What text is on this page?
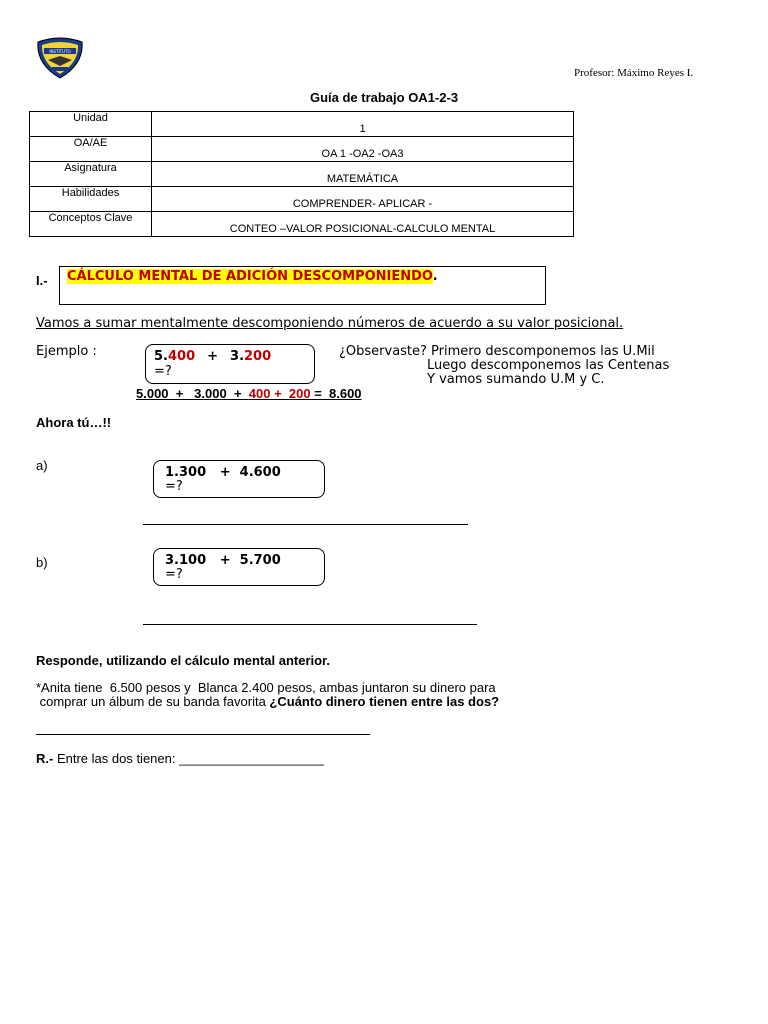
INSTITUTO
Profesor: Máximo Reyes I.
Guía de trabajo OA1-2-3
Unidad	1
OA/AE	OA 1 -OA2 -OA3
Asignatura	MATEMÁTICA
Habilidades	COMPRENDER- APLICAR -
Conceptos Clave	CONTEO –VALOR POSICIONAL-CALCULO MENTAL
I.- CÁLCULO MENTAL DE ADICIÓN DESCOMPONIENDO.
Vamos a sumar mentalmente descomponiendo números de acuerdo a su valor posicional.
Ejemplo :	5.400 + 3.200
=?
¿Observaste? Primero descomponemos las U.Mil
Luego descomponemos las Centenas
Y vamos sumando U.M y C.
5.000  +   3.000  +  400 +  200 =  8.600
Ahora tú…!!
a)	1.300   +  4.600
=?
b)	3.100   +  5.700
=?
Responde, utilizando el cálculo mental anterior.
*Anita tiene  6.500 pesos y  Blanca 2.400 pesos, ambas juntaron su dinero para
comprar un álbum de su banda favorita ¿Cuánto dinero tienen entre las dos?
R.- Entre las dos tienen: ____________________
